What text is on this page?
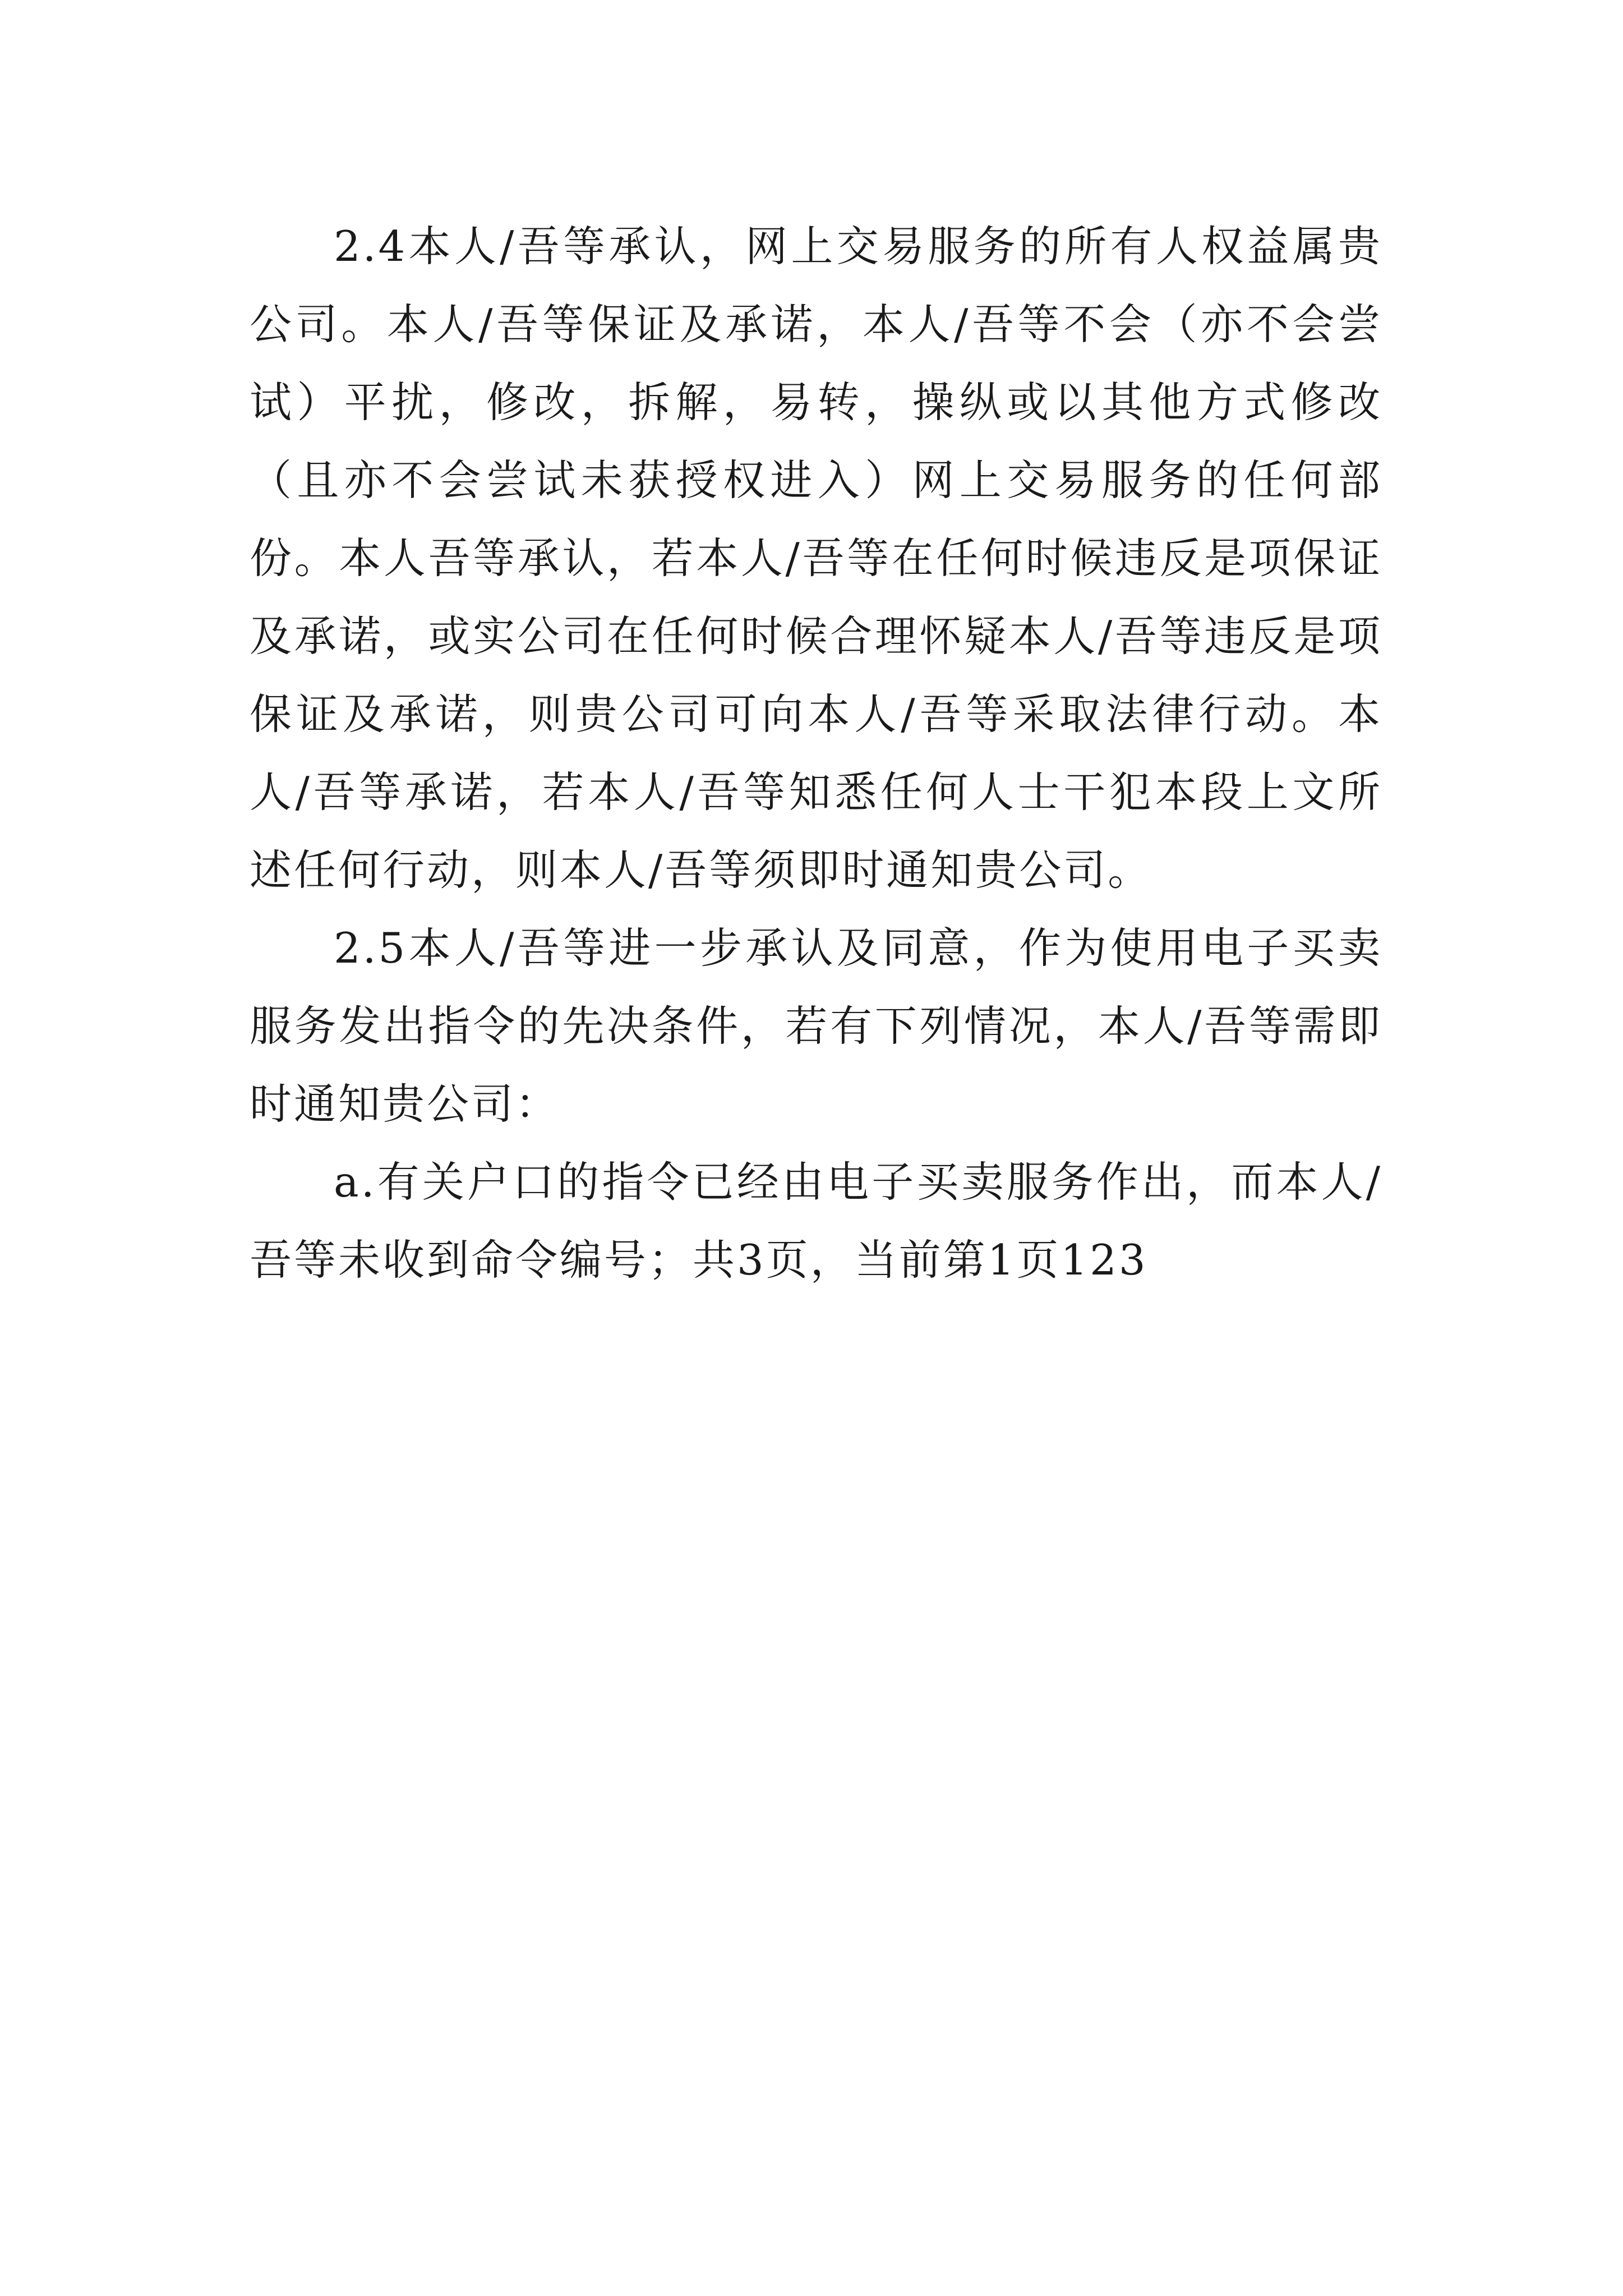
2.4本人/吾等承认，网上交易服务的所有人权益属贵公司。本人/吾等保证及承诺，本人/吾等不会（亦不会尝试）平扰，修改，拆解，易转，操纵或以其他方式修改（且亦不会尝试未获授权进入）网上交易服务的任何部份。本人吾等承认，若本人/吾等在任何时候违反是项保证及承诺，或实公司在任何时候合理怀疑本人/吾等违反是项保证及承诺，则贵公司可向本人/吾等采取法律行动。本人/吾等承诺，若本人/吾等知悉任何人士干犯本段上文所述任何行动，则本人/吾等须即时通知贵公司。

2.5本人/吾等进一步承认及同意，作为使用电子买卖服务发出指令的先决条件，若有下列情况，本人/吾等需即时通知贵公司：

a.有关户口的指令已经由电子买卖服务作出，而本人/吾等未收到命令编号；共3页，当前第1页123
